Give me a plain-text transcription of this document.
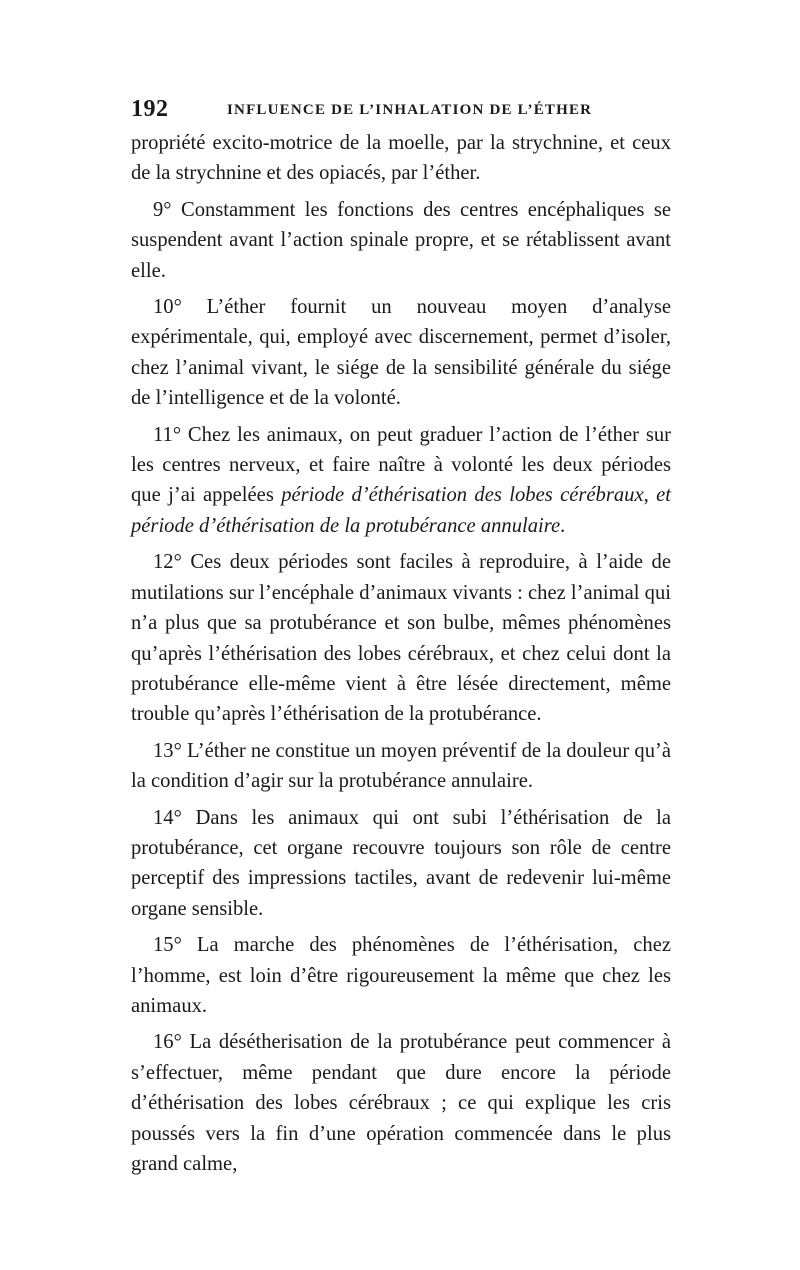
192	INFLUENCE DE L’INHALATION DE L’ÉTHER

propriété excito-motrice de la moelle, par la strychnine, et ceux de la strychnine et des opiacés, par l’éther.

9° Constamment les fonctions des centres encéphaliques se suspendent avant l’action spinale propre, et se rétablissent avant elle.

10° L’éther fournit un nouveau moyen d’analyse expérimentale, qui, employé avec discernement, permet d’isoler, chez l’animal vivant, le siége de la sensibilité générale du siége de l’intelligence et de la volonté.

11° Chez les animaux, on peut graduer l’action de l’éther sur les centres nerveux, et faire naître à volonté les deux périodes que j’ai appelées période d’éthérisation des lobes cérébraux, et période d’éthérisation de la protubérance annulaire.

12° Ces deux périodes sont faciles à reproduire, à l’aide de mutilations sur l’encéphale d’animaux vivants : chez l’animal qui n’a plus que sa protubérance et son bulbe, mêmes phénomènes qu’après l’éthérisation des lobes cérébraux, et chez celui dont la protubérance elle-même vient à être lésée directement, même trouble qu’après l’éthérisation de la protubérance.

13° L’éther ne constitue un moyen préventif de la douleur qu’à la condition d’agir sur la protubérance annulaire.

14° Dans les animaux qui ont subi l’éthérisation de la protubérance, cet organe recouvre toujours son rôle de centre perceptif des impressions tactiles, avant de redevenir lui-même organe sensible.

15° La marche des phénomènes de l’éthérisation, chez l’homme, est loin d’être rigoureusement la même que chez les animaux.

16° La désétherisation de la protubérance peut commencer à s’effectuer, même pendant que dure encore la période d’éthérisation des lobes cérébraux ; ce qui explique les cris poussés vers la fin d’une opération commencée dans le plus grand calme,
